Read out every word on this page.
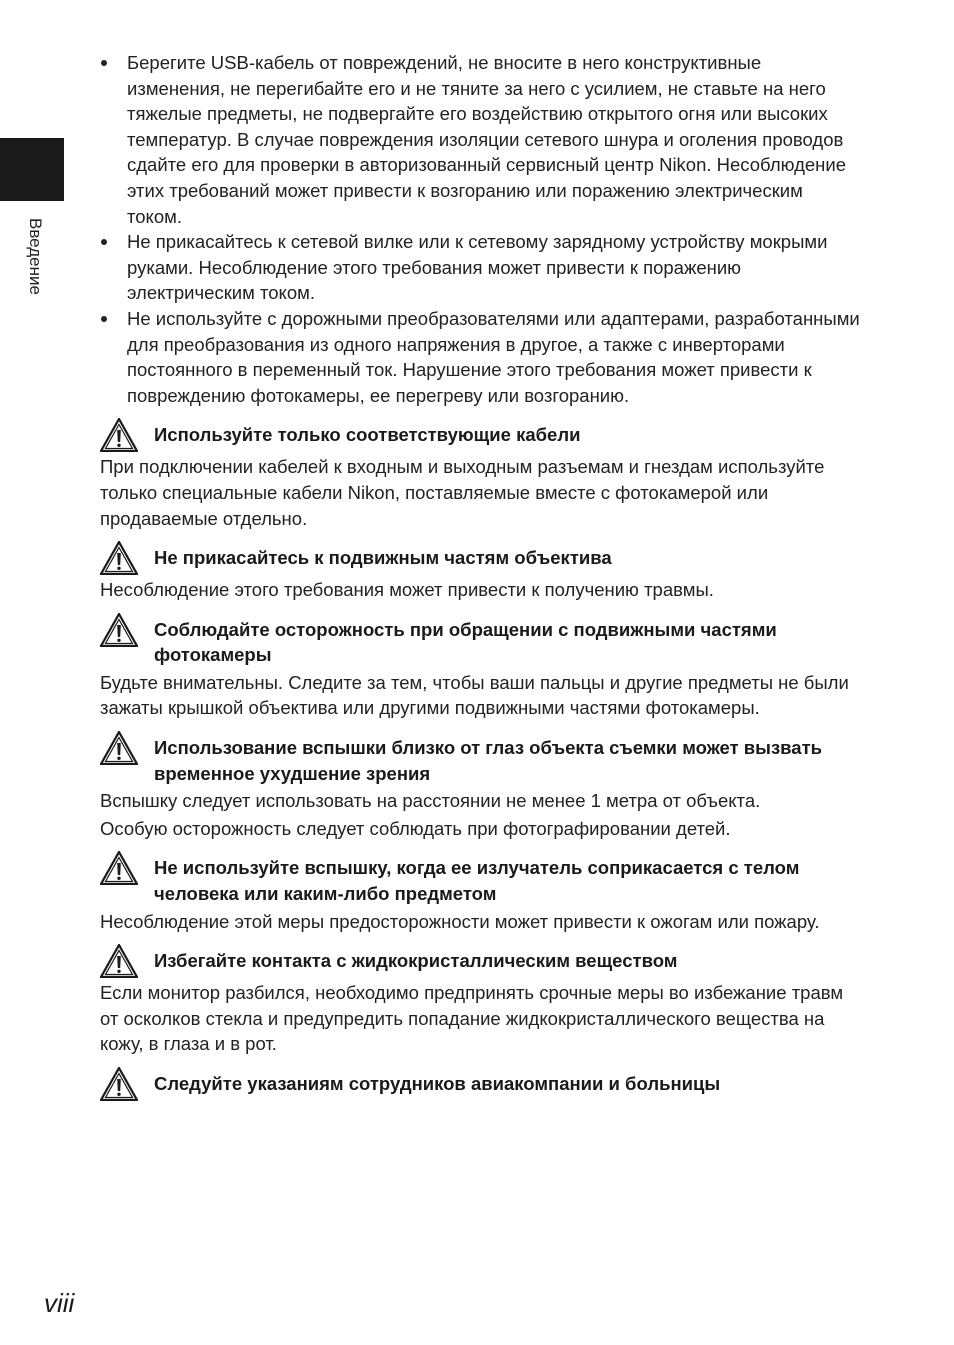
Введение
Берегите USB-кабель от повреждений, не вносите в него конструктивные изменения, не перегибайте его и не тяните за него с усилием, не ставьте на него тяжелые предметы, не подвергайте его воздействию открытого огня или высоких температур. В случае повреждения изоляции сетевого шнура и оголения проводов сдайте его для проверки в авторизованный сервисный центр Nikon. Несоблюдение этих требований может привести к возгоранию или поражению электрическим током.
Не прикасайтесь к сетевой вилке или к сетевому зарядному устройству мокрыми руками. Несоблюдение этого требования может привести к поражению электрическим током.
Не используйте с дорожными преобразователями или адаптерами, разработанными для преобразования из одного напряжения в другое, а также с инверторами постоянного в переменный ток. Нарушение этого требования может привести к повреждению фотокамеры, ее перегреву или возгоранию.

Используйте только соответствующие кабели

При подключении кабелей к входным и выходным разъемам и гнездам используйте только специальные кабели Nikon, поставляемые вместе с фотокамерой или продаваемые отдельно.

Не прикасайтесь к подвижным частям объектива

Несоблюдение этого требования может привести к получению травмы.

Соблюдайте осторожность при обращении с подвижными частями фотокамеры

Будьте внимательны. Следите за тем, чтобы ваши пальцы и другие предметы не были зажаты крышкой объектива или другими подвижными частями фотокамеры.

Использование вспышки близко от глаз объекта съемки может вызвать временное ухудшение зрения

Вспышку следует использовать на расстоянии не менее 1 метра от объекта.

Особую осторожность следует соблюдать при фотографировании детей.

Не используйте вспышку, когда ее излучатель соприкасается с телом человека или каким-либо предметом

Несоблюдение этой меры предосторожности может привести к ожогам или пожару.

Избегайте контакта с жидкокристаллическим веществом

Если монитор разбился, необходимо предпринять срочные меры во избежание травм от осколков стекла и предупредить попадание жидкокристаллического вещества на кожу, в глаза и в рот.

Следуйте указаниям сотрудников авиакомпании и больницы

viii
